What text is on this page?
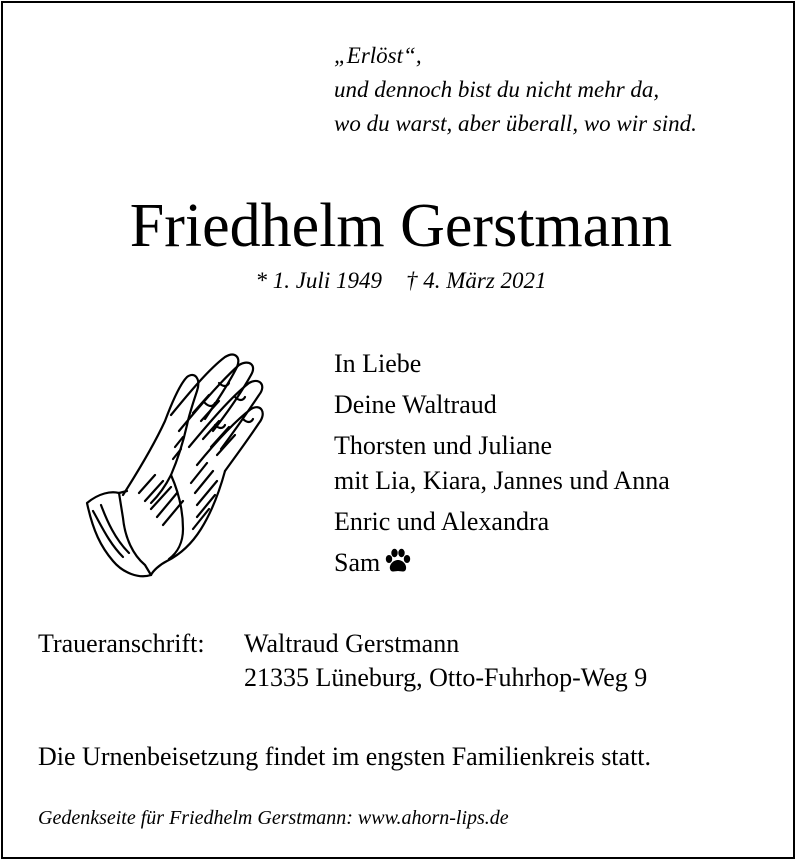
„Erlöst“,
und dennoch bist du nicht mehr da,
wo du warst, aber überall, wo wir sind.
Friedhelm Gerstmann
* 1. Juli 1949 † 4. März 2021
In Liebe
Deine Waltraud
Thorsten und Juliane
mit Lia, Kiara, Jannes und Anna
Enric und Alexandra
Sam
Traueranschrift: Waltraud Gerstmann
21335 Lüneburg, Otto-Fuhrhop-Weg 9
Die Urnenbeisetzung findet im engsten Familienkreis statt.
Gedenkseite für Friedhelm Gerstmann: www.ahorn-lips.de
